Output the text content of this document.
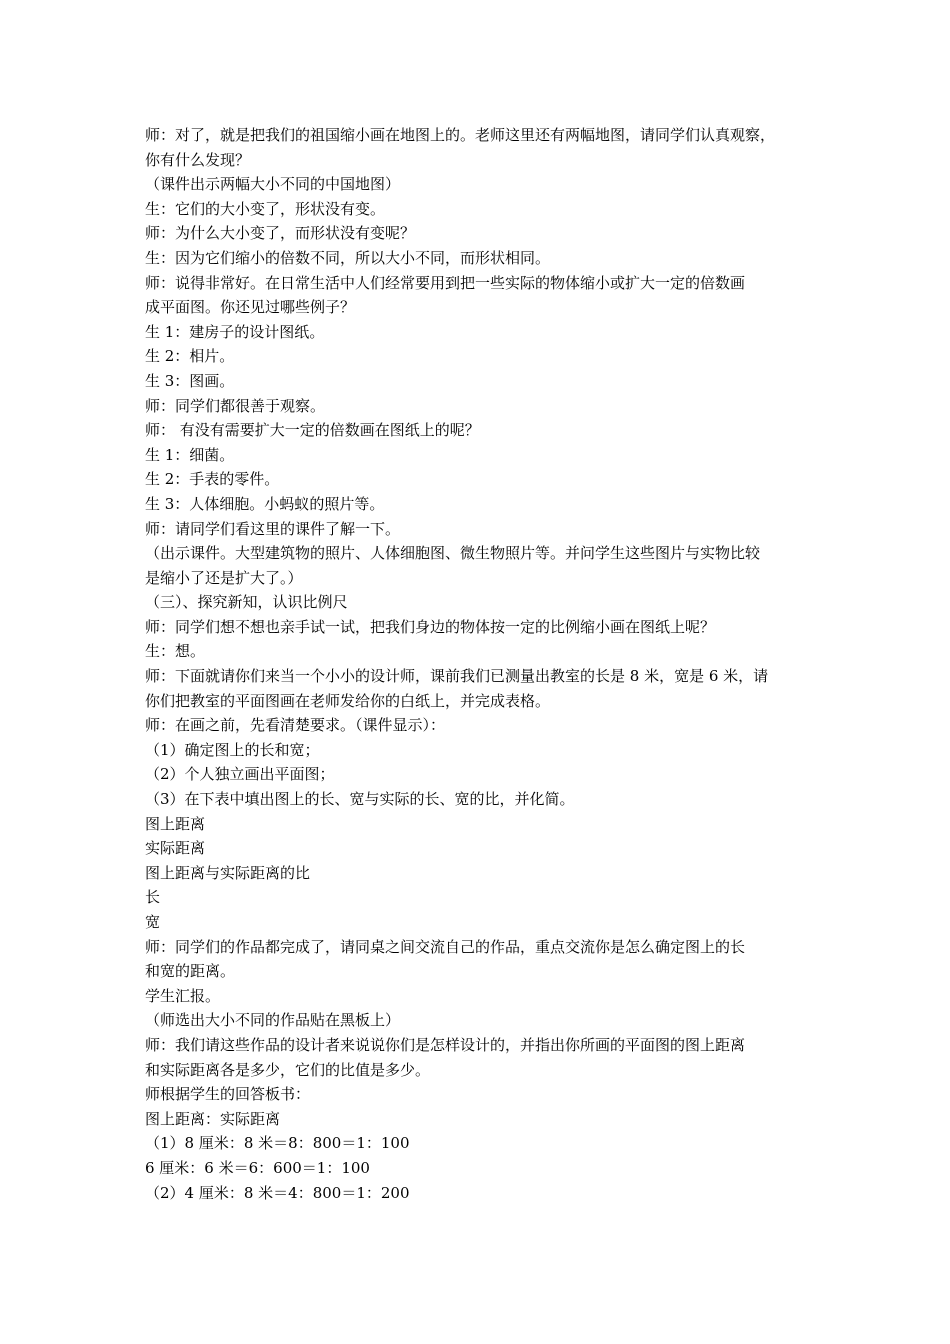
师：对了，就是把我们的祖国缩小画在地图上的。老师这里还有两幅地图，请同学们认真观察，
你有什么发现？
（课件出示两幅大小不同的中国地图）
生：它们的大小变了，形状没有变。
师：为什么大小变了，而形状没有变呢？
生：因为它们缩小的倍数不同，所以大小不同，而形状相同。
师：说得非常好。在日常生活中人们经常要用到把一些实际的物体缩小或扩大一定的倍数画
成平面图。你还见过哪些例子？
生 1：建房子的设计图纸。
生 2：相片。
生 3：图画。
师：同学们都很善于观察。
师： 有没有需要扩大一定的倍数画在图纸上的呢？
生 1：细菌。
生 2：手表的零件。
生 3：人体细胞。小蚂蚁的照片等。
师：请同学们看这里的课件了解一下。
（出示课件。大型建筑物的照片、人体细胞图、微生物照片等。并问学生这些图片与实物比较
是缩小了还是扩大了。）
（三）、探究新知，认识比例尺
师：同学们想不想也亲手试一试，把我们身边的物体按一定的比例缩小画在图纸上呢？
生：想。
师：下面就请你们来当一个小小的设计师，课前我们已测量出教室的长是 8 米，宽是 6 米，请
你们把教室的平面图画在老师发给你的白纸上，并完成表格。
师：在画之前，先看清楚要求。（课件显示）：
（1）确定图上的长和宽；
（2）个人独立画出平面图；
（3）在下表中填出图上的长、宽与实际的长、宽的比，并化简。
图上距离
实际距离
图上距离与实际距离的比
长
宽
师：同学们的作品都完成了，请同桌之间交流自己的作品，重点交流你是怎么确定图上的长
和宽的距离。
学生汇报。
（师选出大小不同的作品贴在黑板上）
师：我们请这些作品的设计者来说说你们是怎样设计的，并指出你所画的平面图的图上距离
和实际距离各是多少，它们的比值是多少。
师根据学生的回答板书：
图上距离：实际距离
（1）8 厘米：8 米＝8：800＝1：100
6 厘米：6 米＝6：600＝1：100
（2）4 厘米：8 米＝4：800＝1：200
